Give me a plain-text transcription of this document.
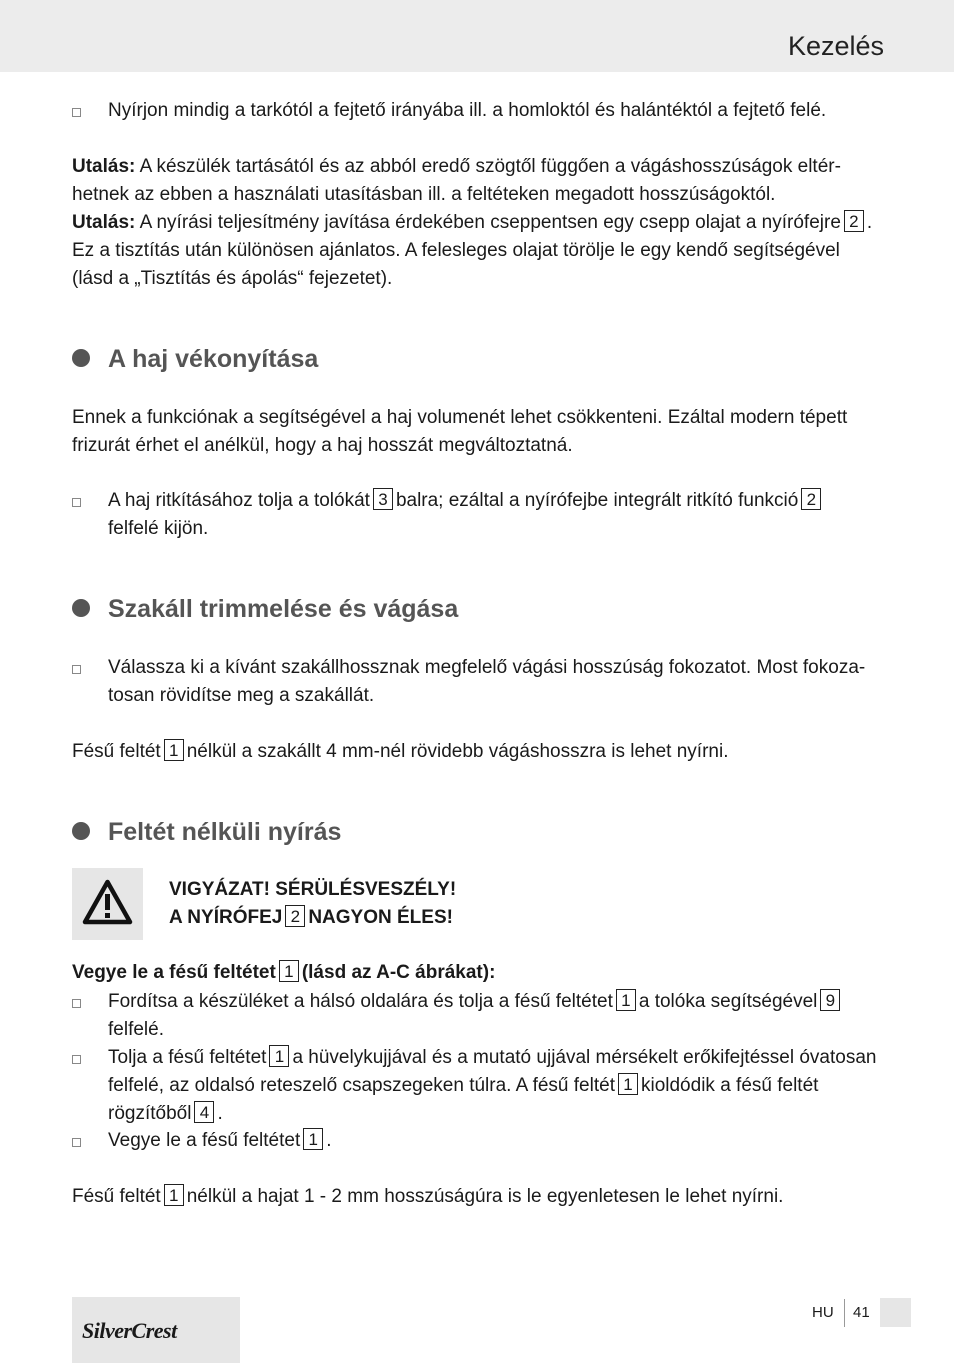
Kezelés
Nyírjon mindig a tarkótól a fejtető irányába ill. a homloktól és halántéktól a fejtető felé.
Utalás: A készülék tartásától és az abból eredő szögtől függően a vágáshosszúságok eltér-
hetnek az ebben a használati utasításban ill. a feltéteken megadott hosszúságoktól.
Utalás: A nyírási teljesítmény javítása érdekében cseppentsen egy csepp olajat a nyírófejre 2 .
Ez a tisztítás után különösen ajánlatos. A felesleges olajat törölje le egy kendő segítségével
(lásd a „Tisztítás és ápolás“ fejezetet).
A haj vékonyítása
Ennek a funkciónak a segítségével a haj volumenét lehet csökkenteni. Ezáltal modern tépett
frizurát érhet el anélkül, hogy a haj hosszát megváltoztatná.
A haj ritkításához tolja a tolókát 3 balra; ezáltal a nyírófejbe integrált ritkító funkció 2
felfelé kijön.
Szakáll trimmelése és vágása
Válassza ki a kívánt szakállhossznak megfelelő vágási hosszúság fokozatot. Most fokoza-
tosan rövidítse meg a szakállát.
Fésű feltét 1 nélkül a szakállt 4 mm-nél rövidebb vágáshosszra is lehet nyírni.
Feltét nélküli nyírás
VIGYÁZAT! SÉRÜLÉSVESZÉLY!
A NYÍRÓFEJ 2 NAGYON ÉLES!
Vegye le a fésű feltétet 1 (lásd az A-C ábrákat):
Fordítsa a készüléket a hálsó oldalára és tolja a fésű feltétet 1 a tolóka segítségével 9
felfelé.
Tolja a fésű feltétet 1 a hüvelykujjával és a mutató ujjával mérsékelt erőkifejtéssel óvatosan
felfelé, az oldalsó reteszelő csapszegeken túlra. A fésű feltét 1 kioldódik a fésű feltét
rögzítőből 4 .
Vegye le a fésű feltétet 1 .
Fésű feltét 1 nélkül a hajat 1 - 2 mm hosszúságúra is le egyenletesen le lehet nyírni.
SilverCrest
HU 41
